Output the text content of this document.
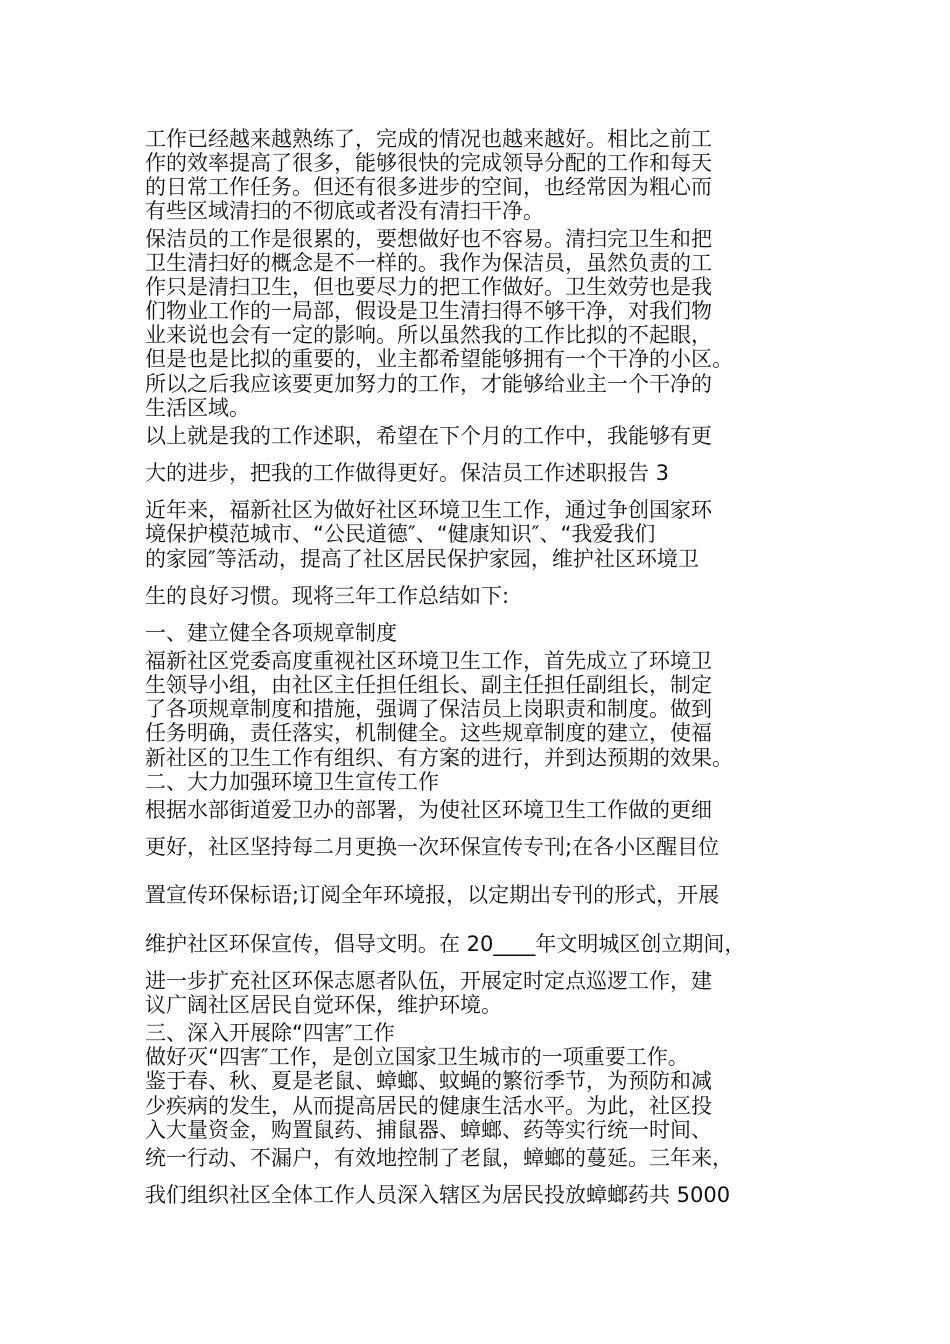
工作已经越来越熟练了，完成的情况也越来越好。相比之前工

作的效率提高了很多，能够很快的完成领导分配的工作和每天

的日常工作任务。但还有很多进步的空间，也经常因为粗心而

有些区域清扫的不彻底或者没有清扫干净。

保洁员的工作是很累的，要想做好也不容易。清扫完卫生和把

卫生清扫好的概念是不一样的。我作为保洁员，虽然负责的工

作只是清扫卫生，但也要尽力的把工作做好。卫生效劳也是我

们物业工作的一局部，假设是卫生清扫得不够干净，对我们物

业来说也会有一定的影响。所以虽然我的工作比拟的不起眼，

但是也是比拟的重要的，业主都希望能够拥有一个干净的小区。

所以之后我应该要更加努力的工作，才能够给业主一个干净的

生活区域。

以上就是我的工作述职，希望在下个月的工作中，我能够有更

大的进步，把我的工作做得更好。保洁员工作述职报告 3

近年来，福新社区为做好社区环境卫生工作，通过争创国家环

境保护模范城市、“公民道德″、“健康知识″、“我爱我们

的家园″等活动，提高了社区居民保护家园，维护社区环境卫

生的良好习惯。现将三年工作总结如下:

一、建立健全各项规章制度

福新社区党委高度重视社区环境卫生工作，首先成立了环境卫

生领导小组，由社区主任担任组长、副主任担任副组长，制定

了各项规章制度和措施，强调了保洁员上岗职责和制度。做到

任务明确，责任落实，机制健全。这些规章制度的建立，使福

新社区的卫生工作有组织、有方案的进行，并到达预期的效果。

二、大力加强环境卫生宣传工作

根据水部街道爱卫办的部署，为使社区环境卫生工作做的更细

更好，社区坚持每二月更换一次环保宣传专刊;在各小区醒目位

置宣传环保标语;订阅全年环境报，以定期出专刊的形式，开展

维护社区环保宣传，倡导文明。在 20____年文明城区创立期间，

进一步扩充社区环保志愿者队伍，开展定时定点巡逻工作，建

议广阔社区居民自觉环保，维护环境。

三、深入开展除“四害″工作

做好灭“四害″工作，是创立国家卫生城市的一项重要工作。

鉴于春、秋、夏是老鼠、蟑螂、蚊蝇的繁衍季节，为预防和减

少疾病的发生，从而提高居民的健康生活水平。为此，社区投

入大量资金，购置鼠药、捕鼠器、蟑螂、药等实行统一时间、

统一行动、不漏户，有效地控制了老鼠，蟑螂的蔓延。三年来，

我们组织社区全体工作人员深入辖区为居民投放蟑螂药共 5000
